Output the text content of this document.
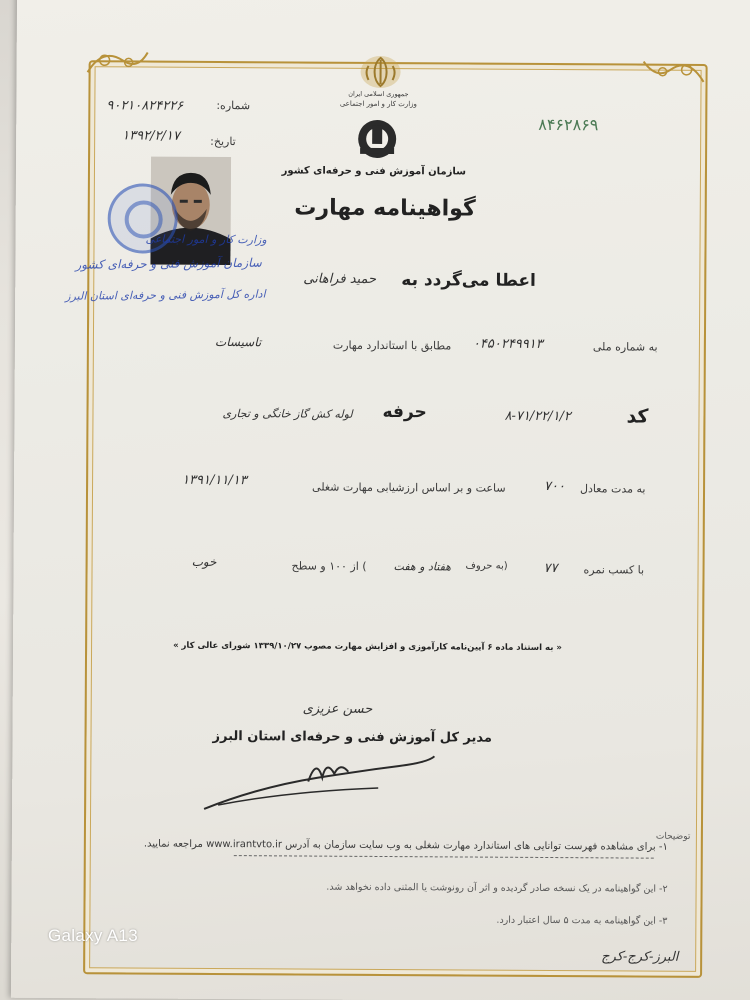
جمهوری اسلامی ایران
وزارت کار و امور اجتماعی
سازمان آموزش فنی و حرفه‌ای کشور
۸۴۶۲۸۶۹
شماره:
۹۰۲۱۰۸۲۴۲۲۶
تاریخ:
۱۳۹۲/۲/۱۷
وزارت کار و امور اجتماعی
سازمان آموزش فنی و حرفه‌ای کشور
اداره کل آموزش فنی و حرفه‌ای استان البرز
گواهینامه مهارت
اعطا می‌گردد به
حمید فراهانی
به شماره ملی
۰۴۵۰۲۴۹۹۱۳
مطابق با استاندارد مهارت
تاسیسات
کد
۸-۷۱/۲۲/۱/۲
حرفه
لوله کش گاز خانگی و تجاری
به مدت معادل
۷۰۰
ساعت و بر اساس ارزشیابی مهارت شغلی
۱۳۹۱/۱۱/۱۳
با کسب نمره
۷۷
(به حروف
هفتاد و هفت
) از ۱۰۰ و سطح
خوب
« به استناد ماده ۶ آیین‌نامه کارآموزی و افزایش مهارت مصوب ۱۳۳۹/۱۰/۲۷ شورای عالی کار »
حسن عزیزی
مدیر کل آموزش فنی و حرفه‌ای استان البرز
توضیحات
۱- برای مشاهده فهرست توانایی های استاندارد مهارت شغلی به وب سایت سازمان به آدرس www.irantvto.ir مراجعه نمایید.
۲- این گواهینامه در یک نسخه صادر گردیده و اثر آن رونوشت یا المثنی داده نخواهد شد.
۳- این گواهینامه به مدت ۵ سال اعتبار دارد.
البرز-کرج-کرج
Galaxy A13
